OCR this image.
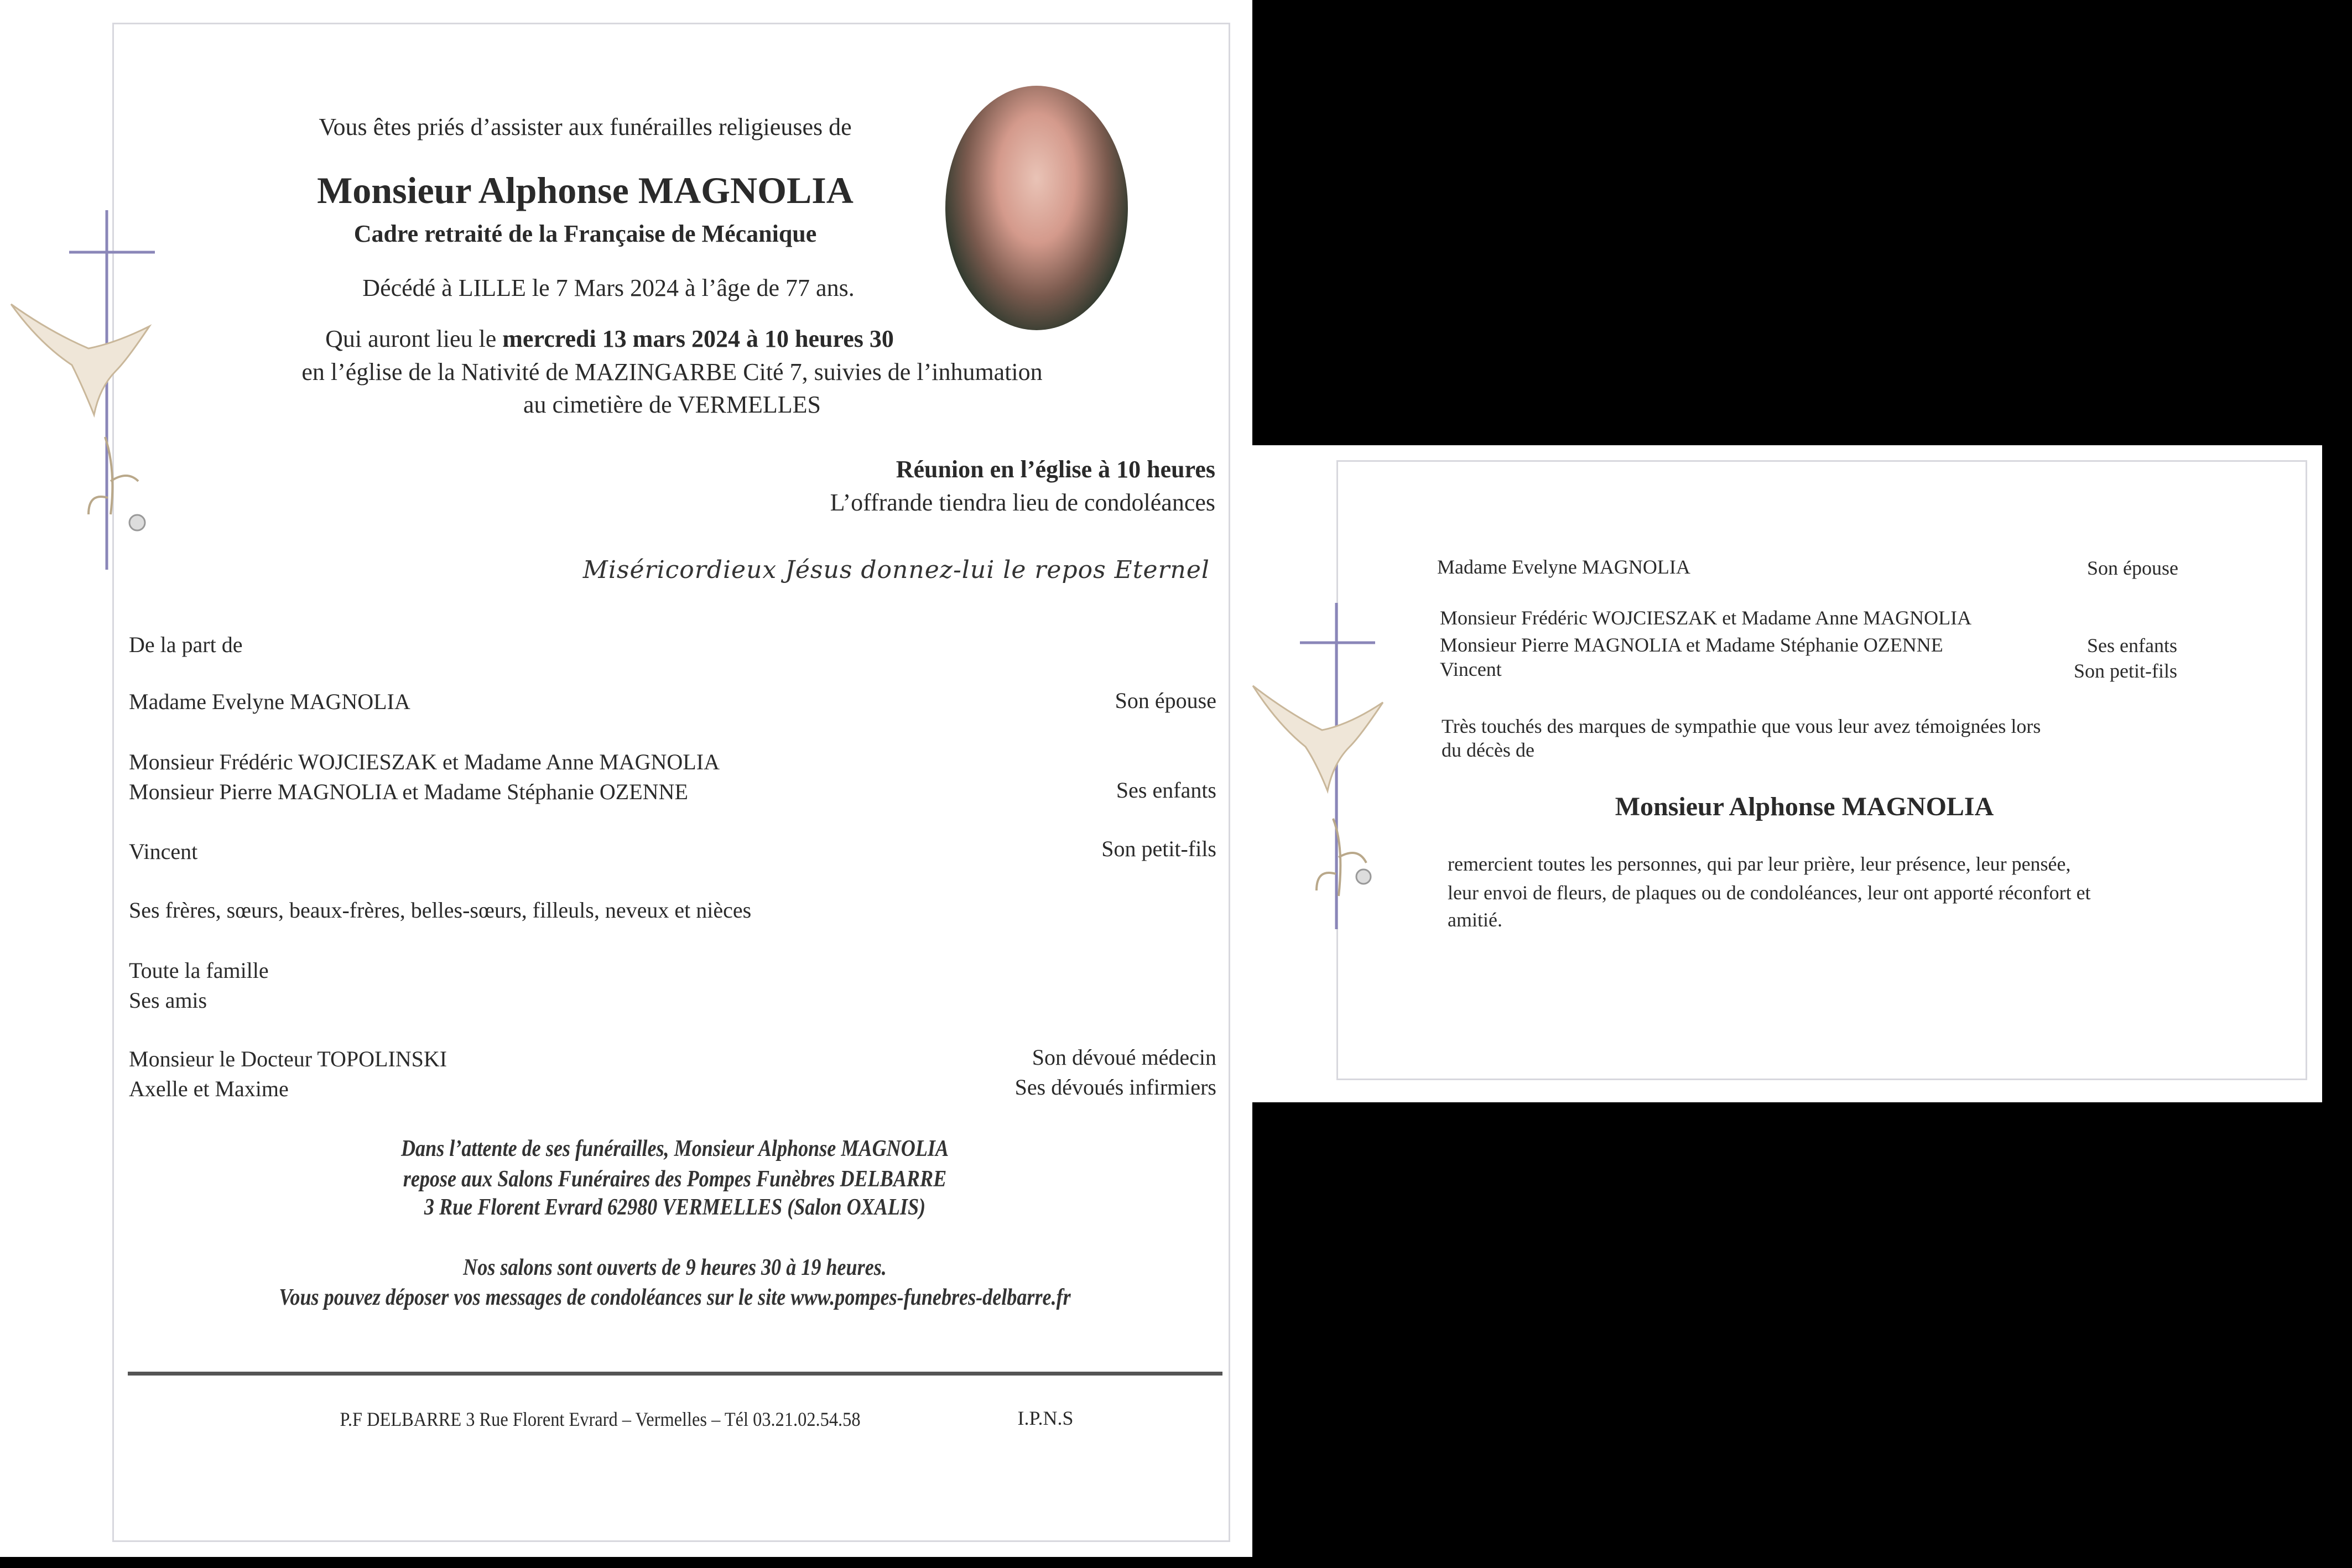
Vous êtes priés d’assister aux funérailles religieuses de
Monsieur Alphonse MAGNOLIA
Cadre retraité de la Française de Mécanique
Décédé à LILLE le 7 Mars 2024 à l’âge de 77 ans.
Qui auront lieu le mercredi 13 mars 2024 à 10 heures 30
en l’église de la Nativité de MAZINGARBE Cité 7, suivies de l’inhumation
au cimetière de VERMELLES
Réunion en l’église à 10 heures
L’offrande tiendra lieu de condoléances
Miséricordieux Jésus donnez-lui le repos Eternel
De la part de
Madame Evelyne MAGNOLIA	Son épouse
Monsieur Frédéric WOJCIESZAK et Madame Anne MAGNOLIA
Monsieur Pierre MAGNOLIA et Madame Stéphanie OZENNE	Ses enfants
Vincent	Son petit-fils
Ses frères, sœurs, beaux-frères, belles-sœurs, filleuls, neveux et nièces
Toute la famille
Ses amis
Monsieur le Docteur TOPOLINSKI	Son dévoué médecin
Axelle et Maxime	Ses dévoués infirmiers
Dans l’attente de ses funérailles, Monsieur Alphonse MAGNOLIA
repose aux Salons Funéraires des Pompes Funèbres DELBARRE
3 Rue Florent Evrard 62980 VERMELLES (Salon OXALIS)
Nos salons sont ouverts de 9 heures 30 à 19 heures.
Vous pouvez déposer vos messages de condoléances sur le site www.pompes-funebres-delbarre.fr
P.F DELBARRE 3 Rue Florent Evrard – Vermelles – Tél 03.21.02.54.58	I.P.N.S
Madame Evelyne MAGNOLIA	Son épouse
Monsieur Frédéric WOJCIESZAK et Madame Anne MAGNOLIA
Monsieur Pierre MAGNOLIA et Madame Stéphanie OZENNE	Ses enfants
Vincent	Son petit-fils
Très touchés des marques de sympathie que vous leur avez témoignées lors
du décès de
Monsieur Alphonse MAGNOLIA
remercient toutes les personnes, qui par leur prière, leur présence, leur pensée,
leur envoi de fleurs, de plaques ou de condoléances, leur ont apporté réconfort et
amitié.
